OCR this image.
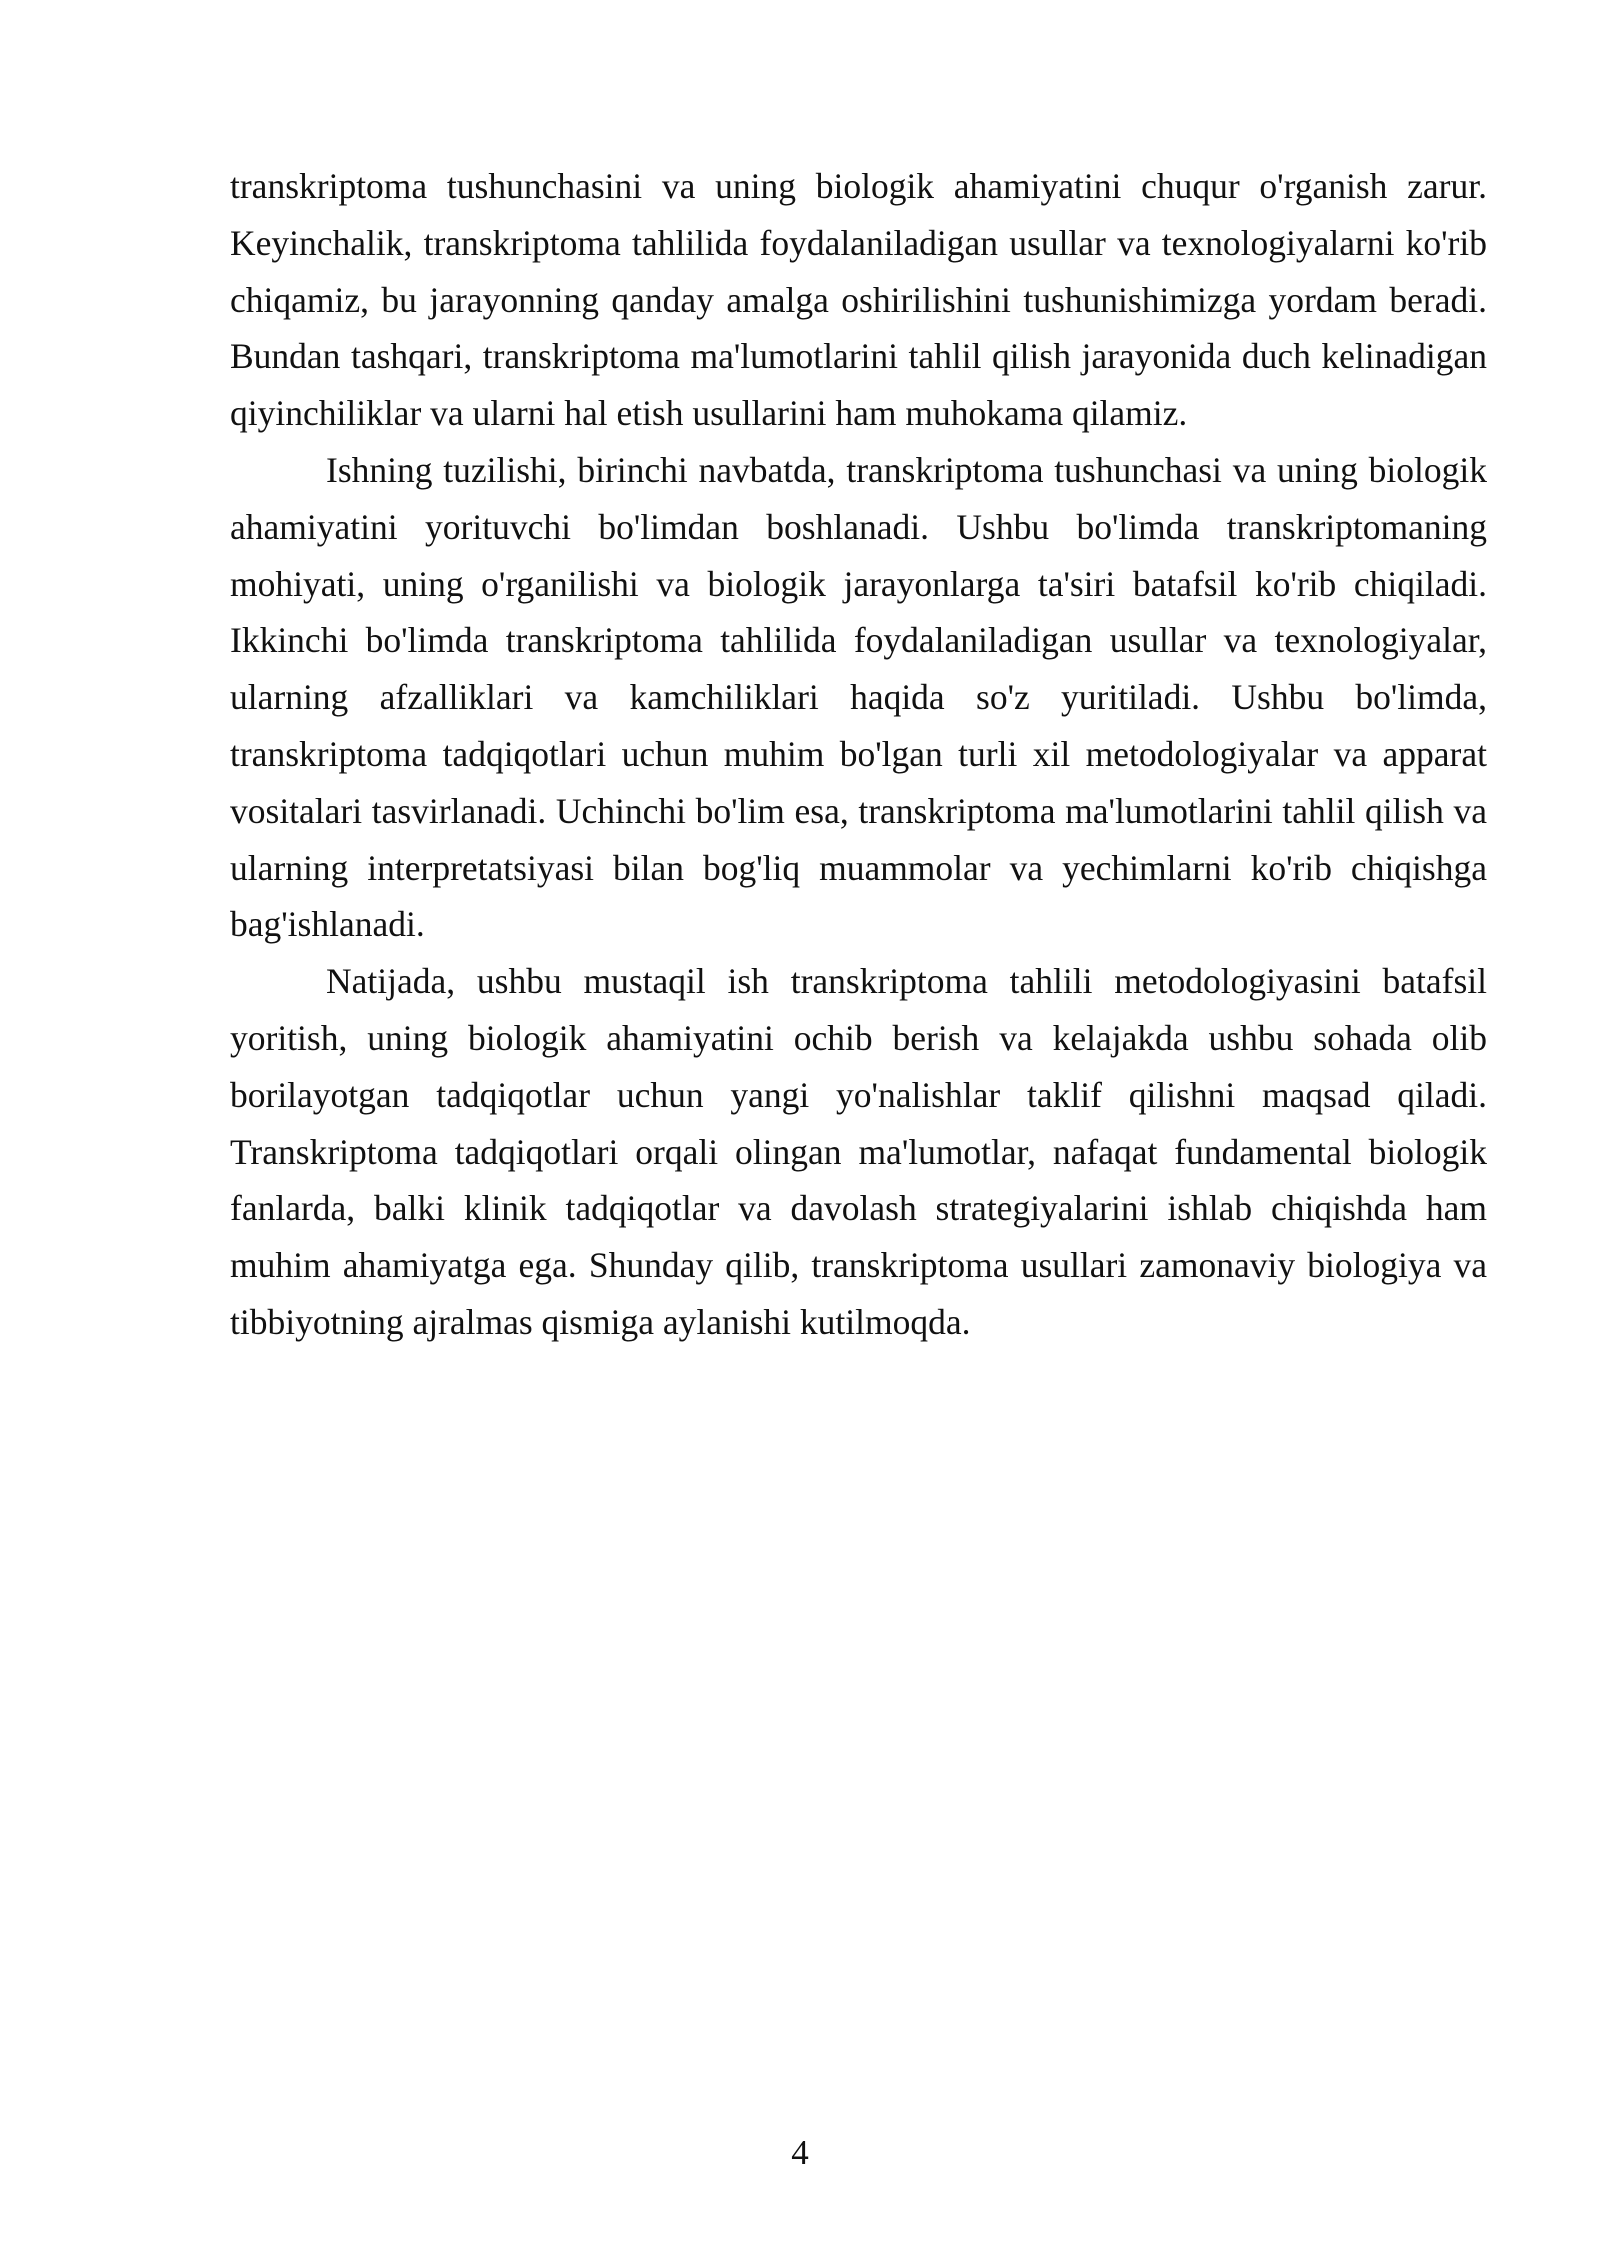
transkriptoma tushunchasini va uning biologik ahamiyatini chuqur o'rganish zarur. Keyinchalik, transkriptoma tahlilida foydalaniladigan usullar va texnologiyalarni ko'rib chiqamiz, bu jarayonning qanday amalga oshirilishini tushunishimizga yordam beradi. Bundan tashqari, transkriptoma ma'lumotlarini tahlil qilish jarayonida duch kelinadigan qiyinchiliklar va ularni hal etish usullarini ham muhokama qilamiz.

Ishning tuzilishi, birinchi navbatda, transkriptoma tushunchasi va uning biologik ahamiyatini yorituvchi bo'limdan boshlanadi. Ushbu bo'limda transkriptomaning mohiyati, uning o'rganilishi va biologik jarayonlarga ta'siri batafsil ko'rib chiqiladi. Ikkinchi bo'limda transkriptoma tahlilida foydalaniladigan usullar va texnologiyalar, ularning afzalliklari va kamchiliklari haqida so'z yuritiladi. Ushbu bo'limda, transkriptoma tadqiqotlari uchun muhim bo'lgan turli xil metodologiyalar va apparat vositalari tasvirlanadi. Uchinchi bo'lim esa, transkriptoma ma'lumotlarini tahlil qilish va ularning interpretatsiyasi bilan bog'liq muammolar va yechimlarni ko'rib chiqishga bag'ishlanadi.

Natijada, ushbu mustaqil ish transkriptoma tahlili metodologiyasini batafsil yoritish, uning biologik ahamiyatini ochib berish va kelajakda ushbu sohada olib borilayotgan tadqiqotlar uchun yangi yo'nalishlar taklif qilishni maqsad qiladi. Transkriptoma tadqiqotlari orqali olingan ma'lumotlar, nafaqat fundamental biologik fanlarda, balki klinik tadqiqotlar va davolash strategiyalarini ishlab chiqishda ham muhim ahamiyatga ega. Shunday qilib, transkriptoma usullari zamonaviy biologiya va tibbiyotning ajralmas qismiga aylanishi kutilmoqda.

4
